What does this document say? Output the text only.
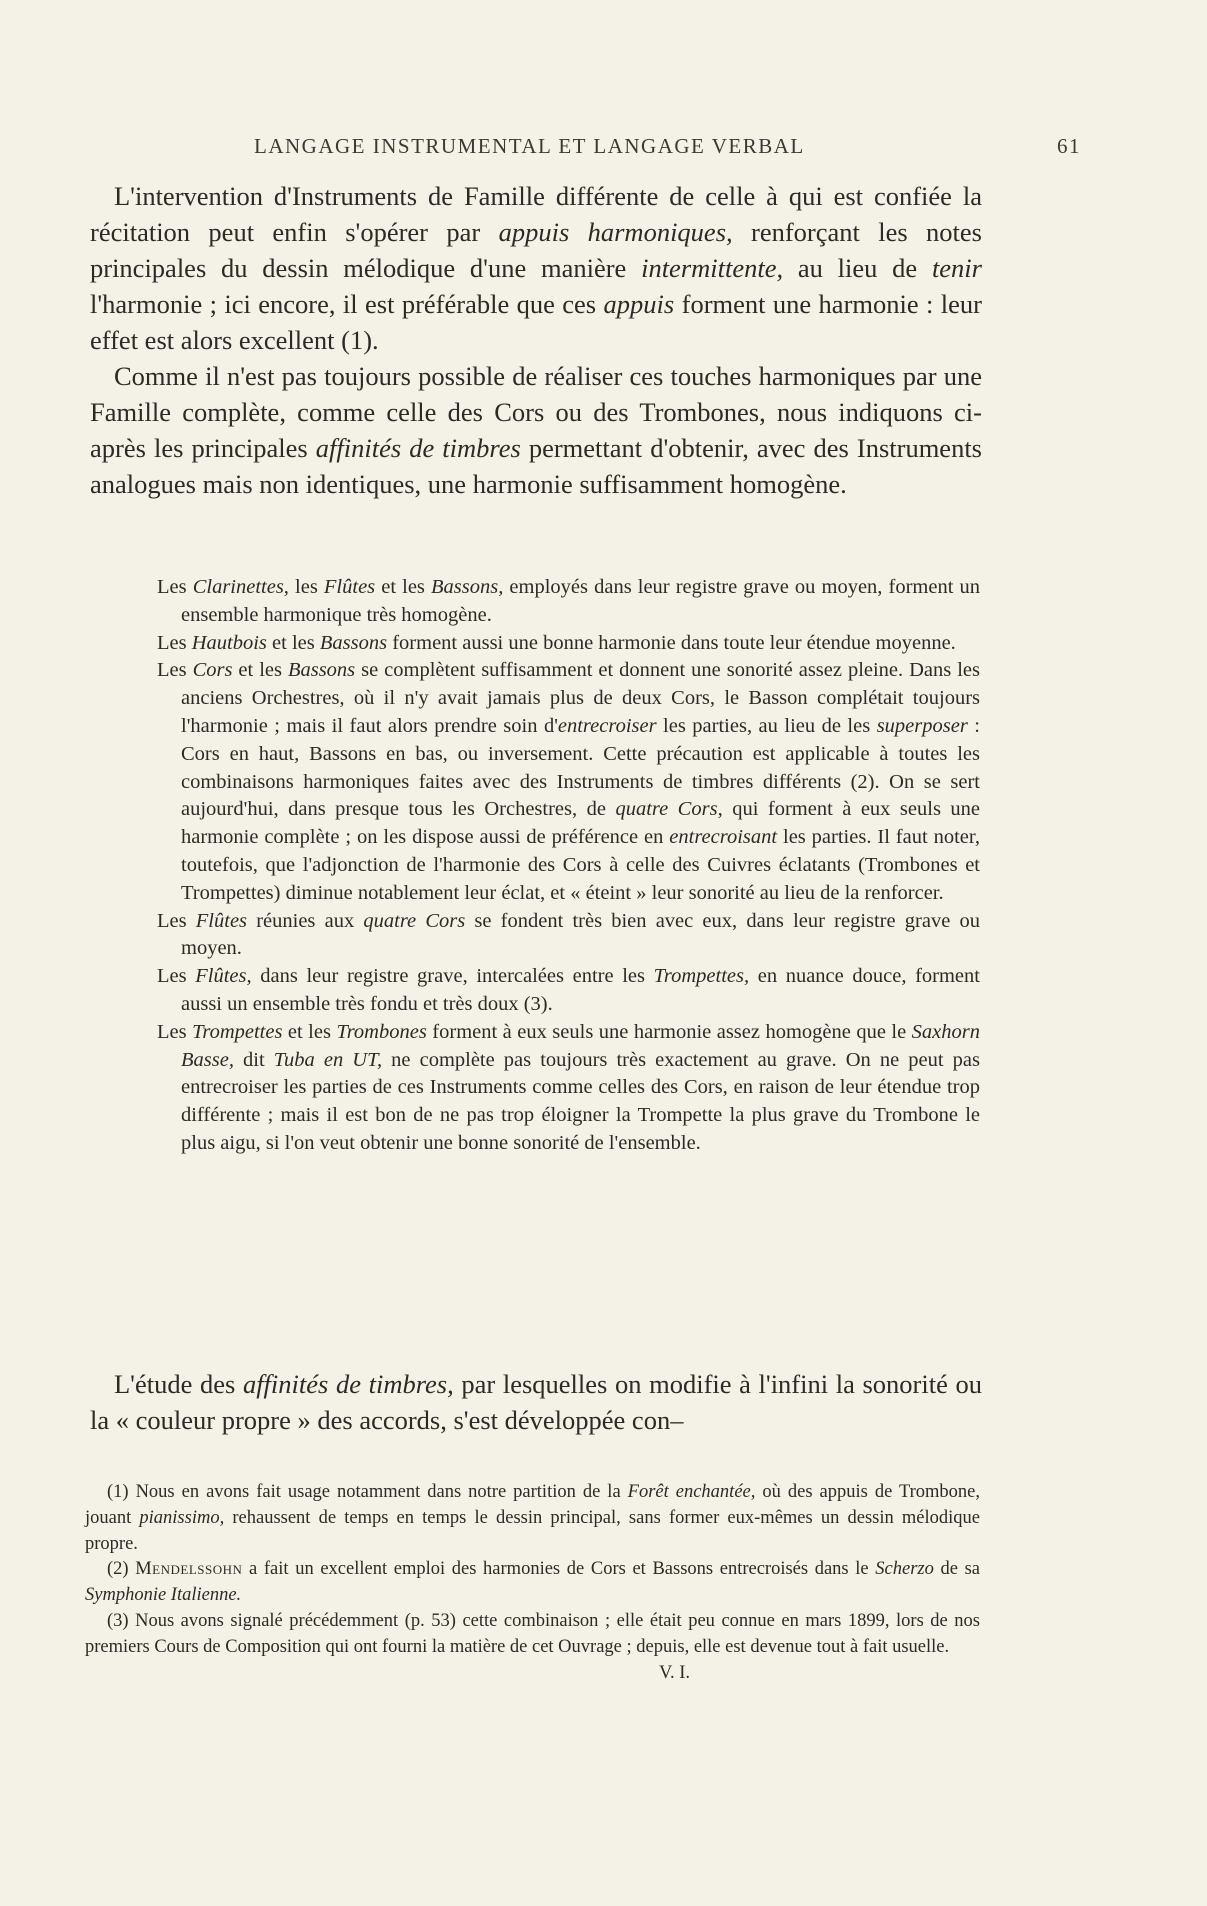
LANGAGE INSTRUMENTAL ET LANGAGE VERBAL	61

L'intervention d'Instruments de Famille différente de celle à qui est confiée la récitation peut enfin s'opérer par appuis harmoniques, renforçant les notes principales du dessin mélodique d'une manière intermittente, au lieu de tenir l'harmonie ; ici encore, il est préférable que ces appuis forment une harmonie : leur effet est alors excellent (1).

Comme il n'est pas toujours possible de réaliser ces touches harmoniques par une Famille complète, comme celle des Cors ou des Trombones, nous indiquons ci-après les principales affinités de timbres permettant d'obtenir, avec des Instruments analogues mais non identiques, une harmonie suffisamment homogène.

Les Clarinettes, les Flûtes et les Bassons, employés dans leur registre grave ou moyen, forment un ensemble harmonique très homogène.

Les Hautbois et les Bassons forment aussi une bonne harmonie dans toute leur étendue moyenne.

Les Cors et les Bassons se complètent suffisamment et donnent une sonorité assez pleine. Dans les anciens Orchestres, où il n'y avait jamais plus de deux Cors, le Basson complétait toujours l'harmonie ; mais il faut alors prendre soin d'entrecroiser les parties, au lieu de les superposer : Cors en haut, Bassons en bas, ou inversement. Cette précaution est applicable à toutes les combinaisons harmoniques faites avec des Instruments de timbres différents (2). On se sert aujourd'hui, dans presque tous les Orchestres, de quatre Cors, qui forment à eux seuls une harmonie complète ; on les dispose aussi de préférence en entrecroisant les parties. Il faut noter, toutefois, que l'adjonction de l'harmonie des Cors à celle des Cuivres éclatants (Trombones et Trompettes) diminue notablement leur éclat, et « éteint » leur sonorité au lieu de la renforcer.

Les Flûtes réunies aux quatre Cors se fondent très bien avec eux, dans leur registre grave ou moyen.

Les Flûtes, dans leur registre grave, intercalées entre les Trompettes, en nuance douce, forment aussi un ensemble très fondu et très doux (3).

Les Trompettes et les Trombones forment à eux seuls une harmonie assez homogène que le Saxhorn Basse, dit Tuba en UT, ne complète pas toujours très exactement au grave. On ne peut pas entrecroiser les parties de ces Instruments comme celles des Cors, en raison de leur étendue trop différente ; mais il est bon de ne pas trop éloigner la Trompette la plus grave du Trombone le plus aigu, si l'on veut obtenir une bonne sonorité de l'ensemble.

L'étude des affinités de timbres, par lesquelles on modifie à l'infini la sonorité ou la « couleur propre » des accords, s'est développée con–

(1) Nous en avons fait usage notamment dans notre partition de la Forêt enchantée, où des appuis de Trombone, jouant pianissimo, rehaussent de temps en temps le dessin principal, sans former eux-mêmes un dessin mélodique propre.

(2) Mendelssohn a fait un excellent emploi des harmonies de Cors et Bassons entrecroisés dans le Scherzo de sa Symphonie Italienne.

(3) Nous avons signalé précédemment (p. 53) cette combinaison ; elle était peu connue en mars 1899, lors de nos premiers Cours de Composition qui ont fourni la matière de cet Ouvrage ; depuis, elle est devenue tout à fait usuelle.
V. I.
